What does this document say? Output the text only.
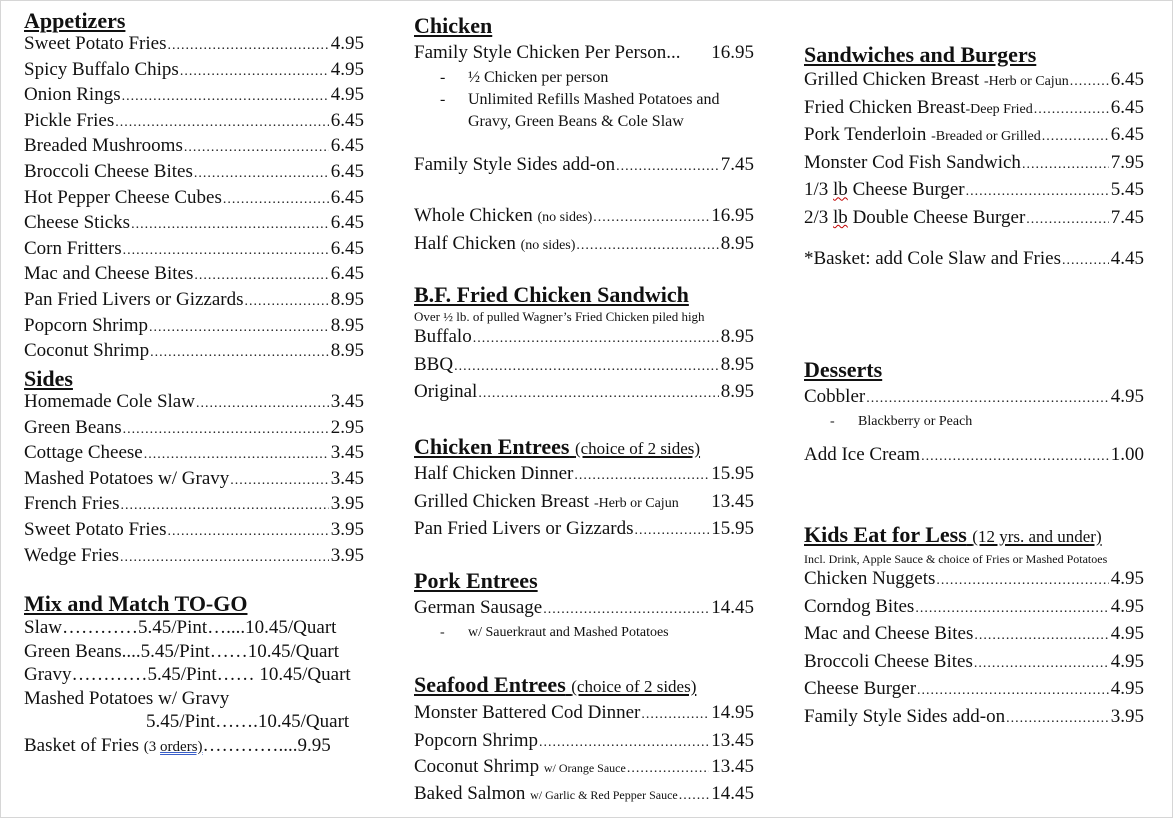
Appetizers
Sweet Potato Fries .....	4.95
Spicy Buffalo Chips .....	4.95
Onion Rings .....	4.95
Pickle Fries .....	6.45
Breaded Mushrooms .....	6.45
Broccoli Cheese Bites .....	6.45
Hot Pepper Cheese Cubes .....	6.45
Cheese Sticks .....	6.45
Corn Fritters .....	6.45
Mac and Cheese Bites .....	6.45
Pan Fried Livers or Gizzards .....	8.95
Popcorn Shrimp .....	8.95
Coconut Shrimp .....	8.95
Sides
Homemade Cole Slaw .....	3.45
Green Beans .....	2.95
Cottage Cheese .....	3.45
Mashed Potatoes w/ Gravy .....	3.45
French Fries .....	3.95
Sweet Potato Fries .....	3.95
Wedge Fries .....	3.95
Mix and Match TO-GO
Slaw…………5.45/Pint…....10.45/Quart
Green Beans....5.45/Pint……10.45/Quart
Gravy…………5.45/Pint…… 10.45/Quart
Mashed Potatoes w/ Gravy
5.45/Pint…….10.45/Quart
Basket of Fries (3 orders)…………....9.95
Chicken
Family Style Chicken Per Person... 16.95
-	½ Chicken per person
-	Unlimited Refills Mashed Potatoes and Gravy, Green Beans & Cole Slaw
Family Style Sides add-on .....	7.45
Whole Chicken (no sides) .....	16.95
Half Chicken (no sides) .....	8.95
B.F. Fried Chicken Sandwich
Over ½ lb. of pulled Wagner’s Fried Chicken piled high
Buffalo .....	8.95
BBQ .....	8.95
Original .....	8.95
Chicken Entrees (choice of 2 sides)
Half Chicken Dinner .....	15.95
Grilled Chicken Breast -Herb or Cajun 13.45
Pan Fried Livers or Gizzards .....	15.95
Pork Entrees
German Sausage .....	14.45
-	w/ Sauerkraut and Mashed Potatoes
Seafood Entrees (choice of 2 sides)
Monster Battered Cod Dinner .....	14.95
Popcorn Shrimp .....	13.45
Coconut Shrimp w/ Orange Sauce .....	13.45
Baked Salmon w/ Garlic & Red Pepper Sauce ..... 14.45
Sandwiches and Burgers
Grilled Chicken Breast -Herb or Cajun ..... 6.45
Fried Chicken Breast-Deep Fried .....	6.45
Pork Tenderloin -Breaded or Grilled .....	6.45
Monster Cod Fish Sandwich .....	7.95
1/3 lb Cheese Burger .....	5.45
2/3 lb Double Cheese Burger .....	7.45
*Basket: add Cole Slaw and Fries .....	4.45
Desserts
Cobbler .....	4.95
-	Blackberry or Peach
Add Ice Cream .....	1.00
Kids Eat for Less (12 yrs. and under)
Incl. Drink, Apple Sauce & choice of Fries or Mashed Potatoes
Chicken Nuggets .....	4.95
Corndog Bites .....	4.95
Mac and Cheese Bites .....	4.95
Broccoli Cheese Bites .....	4.95
Cheese Burger .....	4.95
Family Style Sides add-on .....	3.95
